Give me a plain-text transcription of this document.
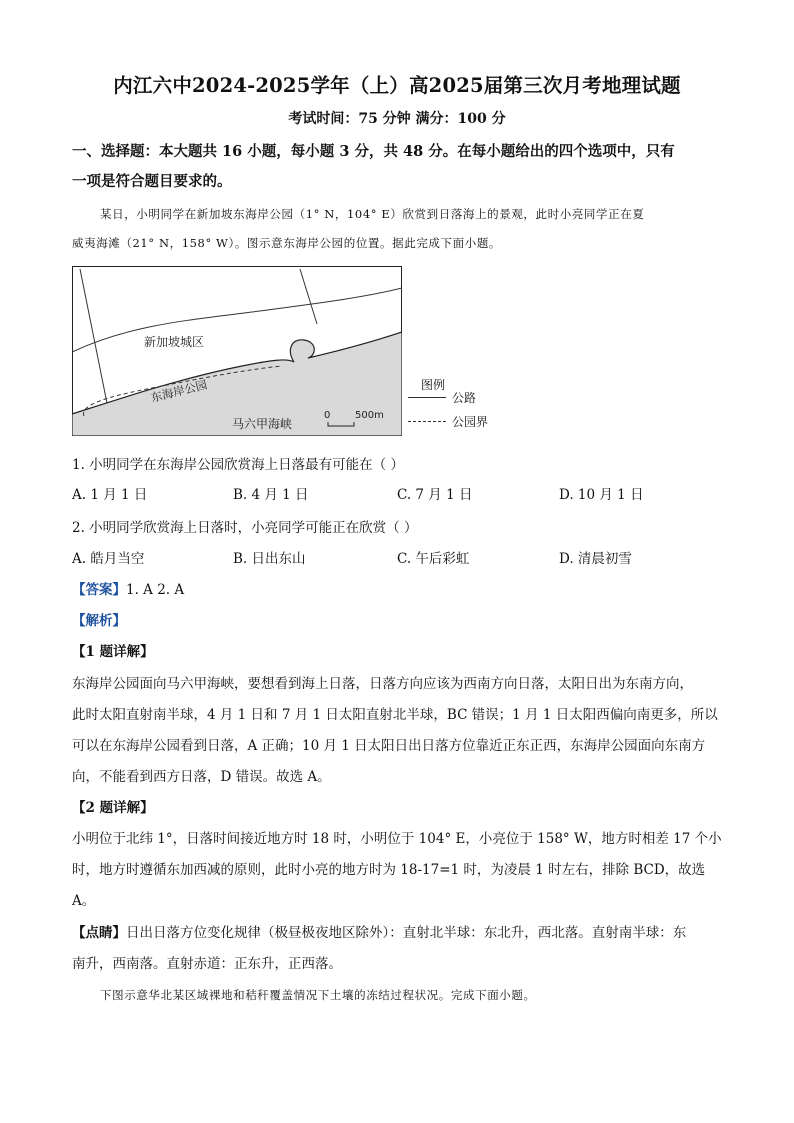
内江六中2024-2025学年（上）高2025届第三次月考地理试题
考试时间：75 分钟 满分：100 分
一、选择题：本大题共 16 小题，每小题 3 分，共 48 分。在每小题给出的四个选项中，只有
一项是符合题目要求的。
某日，小明同学在新加坡东海岸公园（1° N，104° E）欣赏到日落海上的景观，此时小亮同学正在夏
威夷海滩（21° N，158° W）。图示意东海岸公园的位置。据此完成下面小题。
新加坡城区
东海岸公园
马六甲海峡
0 500m
图例
公路
公园界
1. 小明同学在东海岸公园欣赏海上日落最有可能在（ ）
A. 1 月 1 日	B. 4 月 1 日	C. 7 月 1 日	D. 10 月 1 日
2. 小明同学欣赏海上日落时，小亮同学可能正在欣赏（ ）
A. 皓月当空	B. 日出东山	C. 午后彩虹	D. 清晨初雪
【答案】1. A 2. A
【解析】
【1 题详解】
东海岸公园面向马六甲海峡，要想看到海上日落，日落方向应该为西南方向日落，太阳日出为东南方向，
此时太阳直射南半球，4 月 1 日和 7 月 1 日太阳直射北半球，BC 错误；1 月 1 日太阳西偏向南更多，所以
可以在东海岸公园看到日落，A 正确；10 月 1 日太阳日出日落方位靠近正东正西，东海岸公园面向东南方
向，不能看到西方日落，D 错误。故选 A。
【2 题详解】
小明位于北纬 1°，日落时间接近地方时 18 时，小明位于 104° E，小亮位于 158° W，地方时相差 17 个小
时，地方时遵循东加西减的原则，此时小亮的地方时为 18-17=1 时，为凌晨 1 时左右，排除 BCD，故选
A。
【点睛】日出日落方位变化规律（极昼极夜地区除外）：直射北半球：东北升，西北落。直射南半球：东
南升，西南落。直射赤道：正东升，正西落。
下图示意华北某区域裸地和秸秆覆盖情况下土壤的冻结过程状况。完成下面小题。
